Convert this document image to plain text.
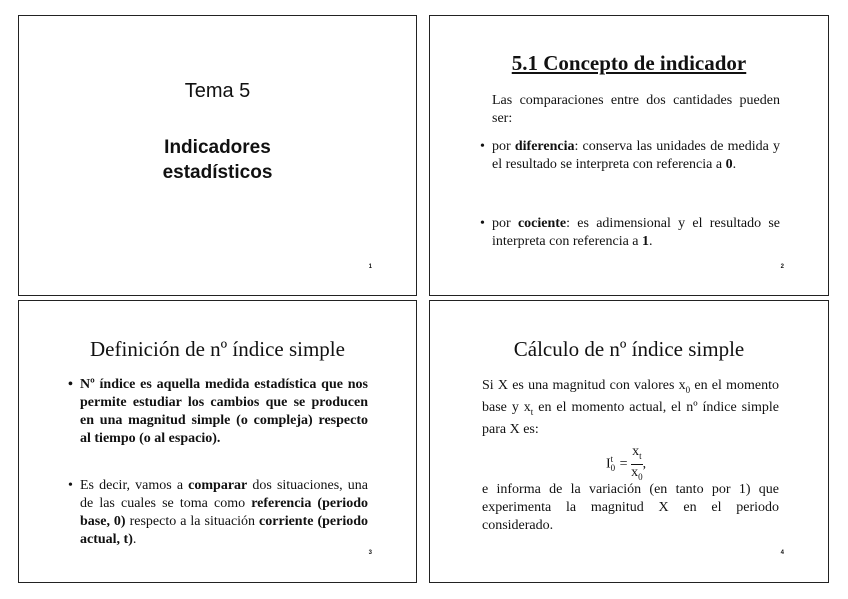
Tema 5
Indicadores
estadísticos
1
5.1 Concepto de indicador
Las comparaciones entre dos cantidades pueden ser:
• por diferencia: conserva las unidades de medida y el resultado se interpreta con referencia a 0.
• por cociente: es adimensional y el resultado se interpreta con referencia a 1.
2
Definición de nº índice simple
• Nº índice es aquella medida estadística que nos permite estudiar los cambios que se producen en una magnitud simple (o compleja) respecto al tiempo (o al espacio).
• Es decir, vamos a comparar dos situaciones, una de las cuales se toma como referencia (periodo base, 0) respecto a la situación corriente (periodo actual, t).
3
Cálculo de nº índice simple
Si X es una magnitud con valores $x_0$ en el momento base y $x_t$ en el momento actual, el nº índice simple para X es:
I t
$0 = \frac{x_t}{x_0}$ ,
e informa de la variación (en tanto por 1) que experimenta la magnitud X en el periodo considerado.
4
